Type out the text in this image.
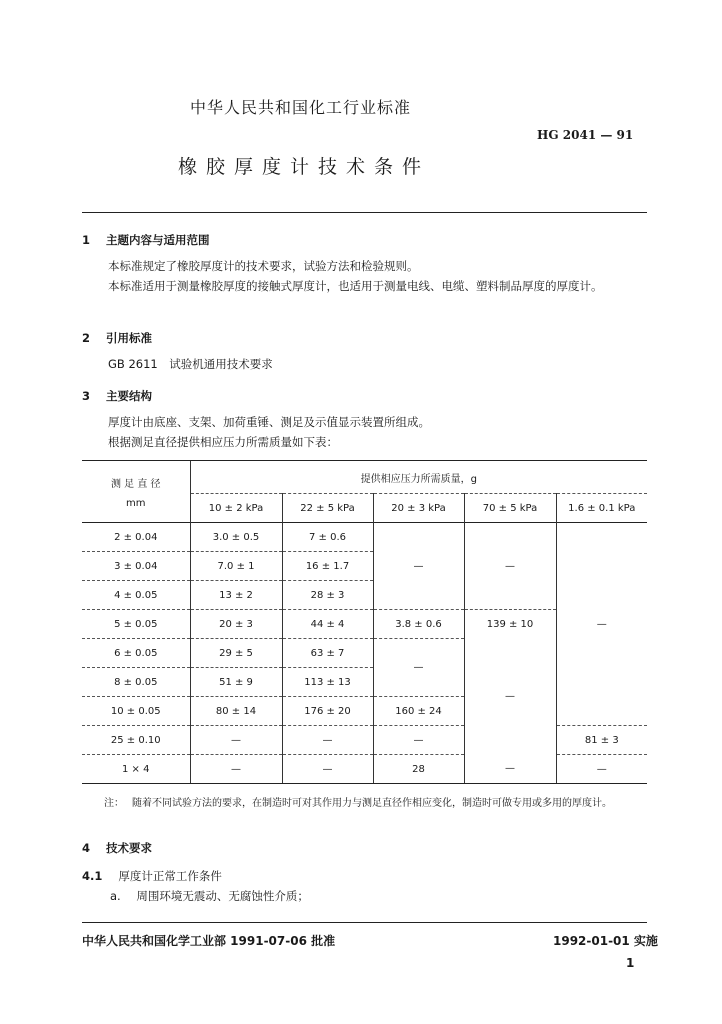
中华人民共和国化工行业标准
HG 2041 — 91
橡胶厚度计技术条件
1 主题内容与适用范围
本标准规定了橡胶厚度计的技术要求，试验方法和检验规则。
本标准适用于测量橡胶厚度的接触式厚度计，也适用于测量电线、电缆、塑料制品厚度的厚度计。
2 引用标准
GB 2611　试验机通用技术要求
3 主要结构
厚度计由底座、支架、加荷重锤、测足及示值显示装置所组成。
根据测足直径提供相应压力所需质量如下表：
测 足 直 径
mm	提供相应压力所需质量，g				
	10 ± 2 kPa	22 ± 5 kPa	20 ± 3 kPa	70 ± 5 kPa	1.6 ± 0.1 kPa
2 ± 0.04	3.0 ± 0.5	7 ± 0.6	—	—	—
3 ± 0.04	7.0 ± 1	16 ± 1.7			
4 ± 0.05	13 ± 2	28 ± 3			
5 ± 0.05	20 ± 3	44 ± 4	3.8 ± 0.6	139 ± 10	
6 ± 0.05	29 ± 5	63 ± 7	—	—	
8 ± 0.05	51 ± 9	113 ± 13			
10 ± 0.05	80 ± 14	176 ± 20	160 ± 24		
25 ± 0.10	—	—	—		81 ± 3
1 × 4	—	—	28	—	—
注： 随着不同试验方法的要求，在制造时可对其作用力与测足直径作相应变化，制造时可做专用或多用的厚度计。
4 技术要求
4.1 厚度计正常工作条件
a. 周围环境无震动、无腐蚀性介质；
中华人民共和国化学工业部 1991-07-06 批准	1992-01-01 实施
1
